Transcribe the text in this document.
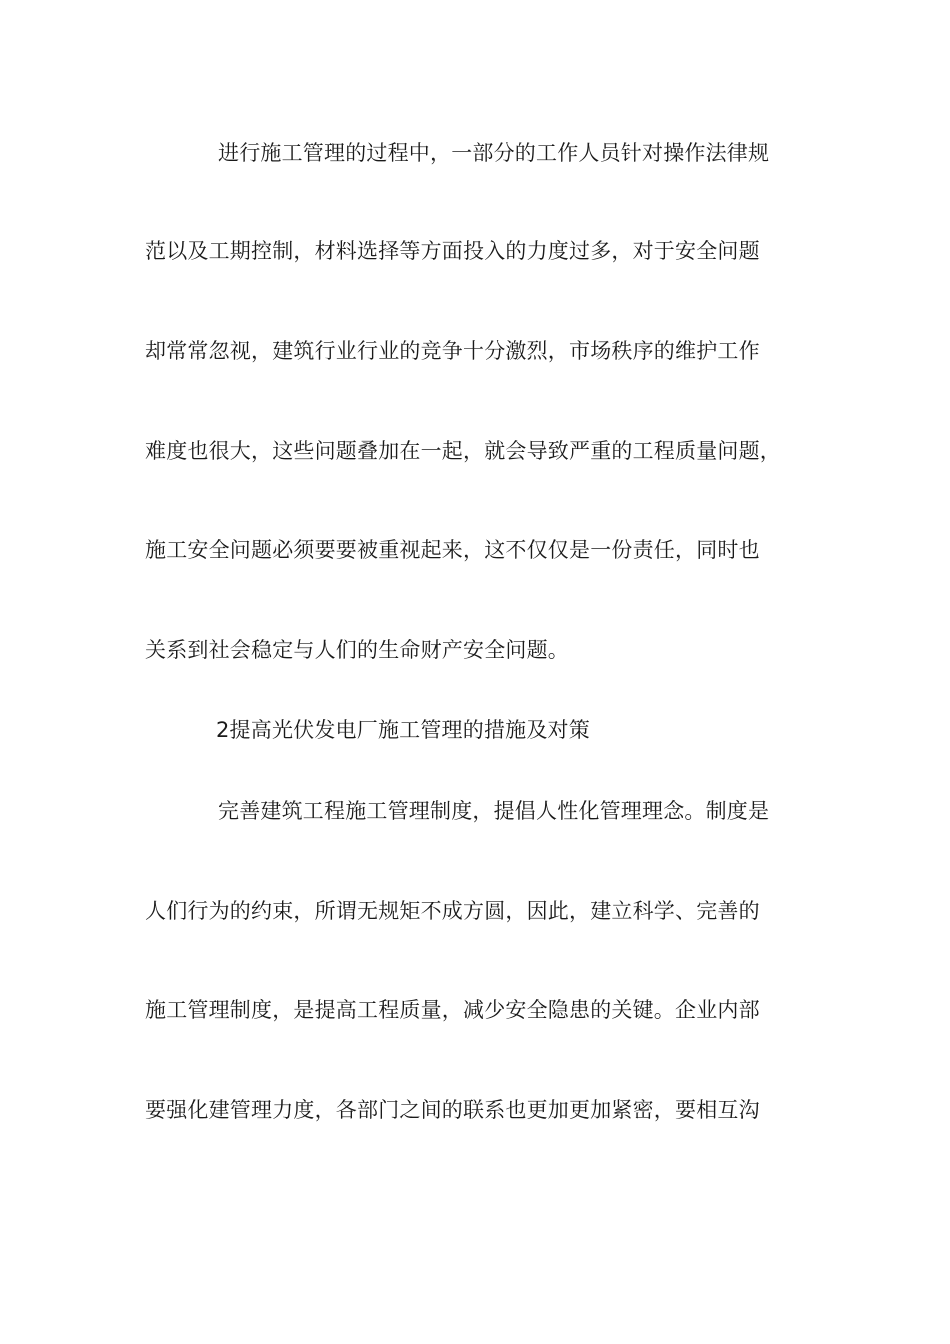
进行施工管理的过程中，一部分的工作人员针对操作法律规
范以及工期控制，材料选择等方面投入的力度过多，对于安全问题
却常常忽视，建筑行业行业的竞争十分激烈，市场秩序的维护工作
难度也很大，这些问题叠加在一起，就会导致严重的工程质量问题，
施工安全问题必须要要被重视起来，这不仅仅是一份责任，同时也
关系到社会稳定与人们的生命财产安全问题。
2提高光伏发电厂施工管理的措施及对策
完善建筑工程施工管理制度，提倡人性化管理理念。制度是
人们行为的约束，所谓无规矩不成方圆，因此，建立科学、完善的
施工管理制度，是提高工程质量，减少安全隐患的关键。企业内部
要强化建管理力度，各部门之间的联系也更加更加紧密，要相互沟
